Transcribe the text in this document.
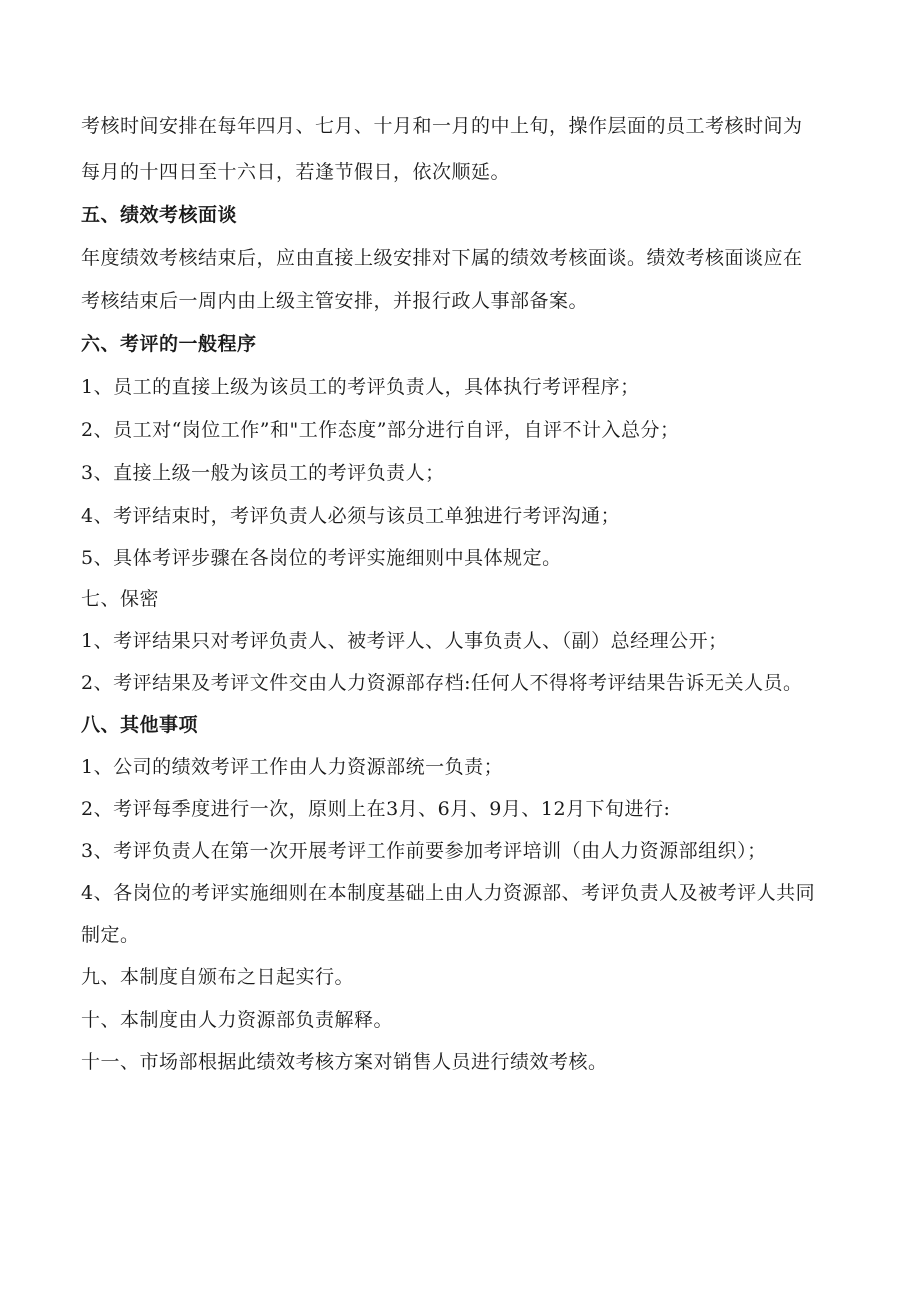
考核时间安排在每年四月、七月、十月和一月的中上旬，操作层面的员工考核时间为
每月的十四日至十六日，若逢节假日，依次顺延。
五、绩效考核面谈
年度绩效考核结束后，应由直接上级安排对下属的绩效考核面谈。绩效考核面谈应在
考核结束后一周内由上级主管安排，并报行政人事部备案。
六、考评的一般程序
1、员工的直接上级为该员工的考评负责人，具体执行考评程序；
2、员工对“岗位工作”和"工作态度”部分进行自评，自评不计入总分；
3、直接上级一般为该员工的考评负责人；
4、考评结束时，考评负责人必须与该员工单独进行考评沟通；
5、具体考评步骤在各岗位的考评实施细则中具体规定。
七、保密
1、考评结果只对考评负责人、被考评人、人事负责人、（副）总经理公开；
2、考评结果及考评文件交由人力资源部存档:任何人不得将考评结果告诉无关人员。
八、其他事项
1、公司的绩效考评工作由人力资源部统一负责；
2、考评每季度进行一次，原则上在3月、6月、9月、12月下旬进行:
3、考评负责人在第一次开展考评工作前要参加考评培训（由人力资源部组织）；
4、各岗位的考评实施细则在本制度基础上由人力资源部、考评负责人及被考评人共同
制定。
九、本制度自颁布之日起实行。
十、本制度由人力资源部负责解释。
十一、市场部根据此绩效考核方案对销售人员进行绩效考核。
